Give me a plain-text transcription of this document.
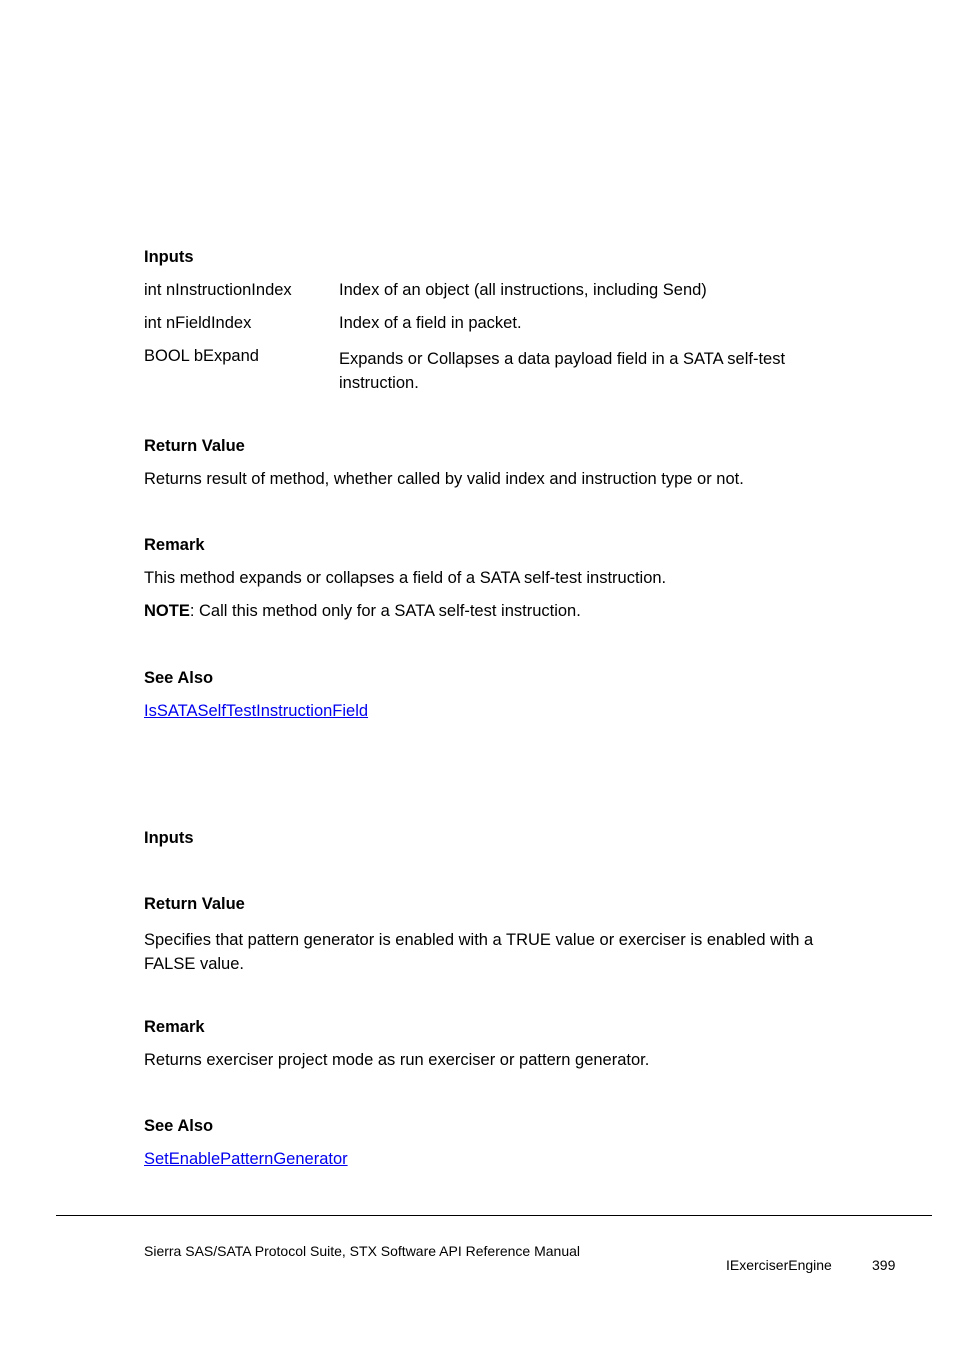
Inputs
int nInstructionIndex	Index of an object (all instructions, including Send)
int nFieldIndex	Index of a field in packet.
BOOL bExpand	Expands or Collapses a data payload field in a SATA self-test instruction.
Return Value
Returns result of method, whether called by valid index and instruction type or not.
Remark
This method expands or collapses a field of a SATA self-test instruction.
NOTE: Call this method only for a SATA self-test instruction.
See Also
IsSATASelfTestInstructionField
Inputs
Return Value
Specifies that pattern generator is enabled with a TRUE value or exerciser is enabled with a FALSE value.
Remark
Returns exerciser project mode as run exerciser or pattern generator.
See Also
SetEnablePatternGenerator
Sierra SAS/SATA Protocol Suite, STX Software API Reference Manual
IExerciserEngine	399
